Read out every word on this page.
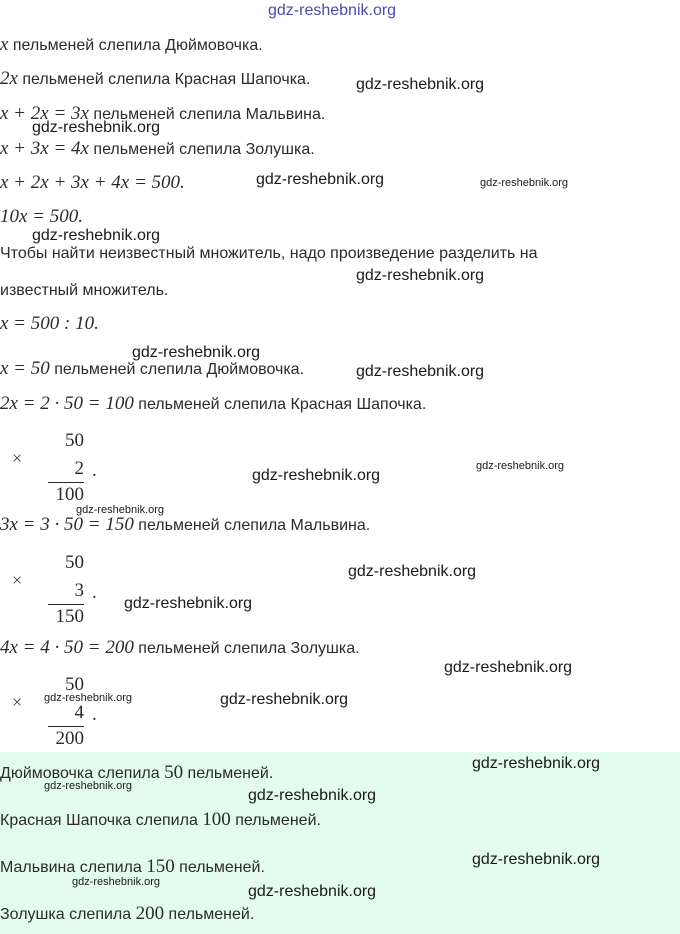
gdz-reshebnik.org
x пельменей слепила Дюймовочка.
2x пельменей слепила Красная Шапочка.
x + 2x = 3x пельменей слепила Мальвина.
x + 3x = 4x пельменей слепила Золушка.
x + 2x + 3x + 4x = 500.
10x = 500.
Чтобы найти неизвестный множитель, надо произведение разделить на
известный множитель.
x = 500 : 10.
x = 50 пельменей слепила Дюймовочка.
2x = 2 · 50 = 100 пельменей слепила Красная Шапочка.
×
50
2
100
.
3x = 3 · 50 = 150 пельменей слепила Мальвина.
×
50
3
150
.
4x = 4 · 50 = 200 пельменей слепила Золушка.
×
50
4
200
.
Дюймовочка слепила 50 пельменей.
Красная Шапочка слепила 100 пельменей.
Мальвина слепила 150 пельменей.
Золушка слепила 200 пельменей.
gdz-reshebnik.org
gdz-reshebnik.org
gdz-reshebnik.org	gdz-reshebnik.org
gdz-reshebnik.org
gdz-reshebnik.org
gdz-reshebnik.org
gdz-reshebnik.org
gdz-reshebnik.org
gdz-reshebnik.org
gdz-reshebnik.org
gdz-reshebnik.org
gdz-reshebnik.org
gdz-reshebnik.org
gdz-reshebnik.org	gdz-reshebnik.org
gdz-reshebnik.org
gdz-reshebnik.org
gdz-reshebnik.org
gdz-reshebnik.org
gdz-reshebnik.org
gdz-reshebnik.org
